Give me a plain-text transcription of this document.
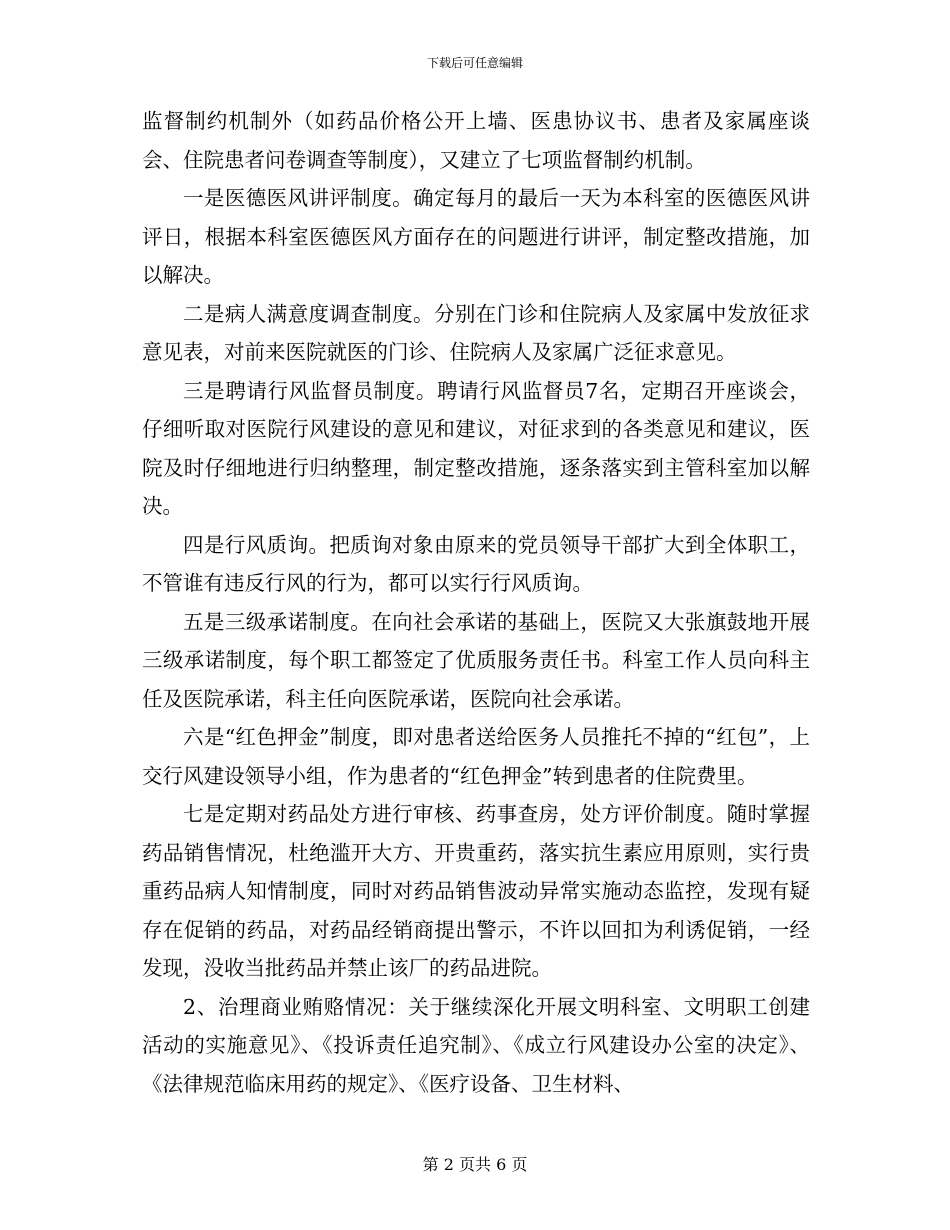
下载后可任意编辑

监督制约机制外（如药品价格公开上墙、医患协议书、患者及家属座谈会、住院患者问卷调查等制度），又建立了七项监督制约机制。

一是医德医风讲评制度。确定每月的最后一天为本科室的医德医风讲评日，根据本科室医德医风方面存在的问题进行讲评，制定整改措施，加以解决。

二是病人满意度调查制度。分别在门诊和住院病人及家属中发放征求意见表，对前来医院就医的门诊、住院病人及家属广泛征求意见。

三是聘请行风监督员制度。聘请行风监督员7名，定期召开座谈会，仔细听取对医院行风建设的意见和建议，对征求到的各类意见和建议，医院及时仔细地进行归纳整理，制定整改措施，逐条落实到主管科室加以解决。

四是行风质询。把质询对象由原来的党员领导干部扩大到全体职工，不管谁有违反行风的行为，都可以实行行风质询。

五是三级承诺制度。在向社会承诺的基础上，医院又大张旗鼓地开展三级承诺制度，每个职工都签定了优质服务责任书。科室工作人员向科主任及医院承诺，科主任向医院承诺，医院向社会承诺。

六是“红色押金”制度，即对患者送给医务人员推托不掉的“红包”，上交行风建设领导小组，作为患者的“红色押金”转到患者的住院费里。

七是定期对药品处方进行审核、药事查房，处方评价制度。随时掌握药品销售情况，杜绝滥开大方、开贵重药，落实抗生素应用原则，实行贵重药品病人知情制度，同时对药品销售波动异常实施动态监控，发现有疑存在促销的药品，对药品经销商提出警示，不许以回扣为利诱促销，一经发现，没收当批药品并禁止该厂的药品进院。

2、治理商业贿赂情况：关于继续深化开展文明科室、文明职工创建活动的实施意见》、《投诉责任追究制》、《成立行风建设办公室的决定》、《法律规范临床用药的规定》、《医疗设备、卫生材料、

第 2 页共 6 页
